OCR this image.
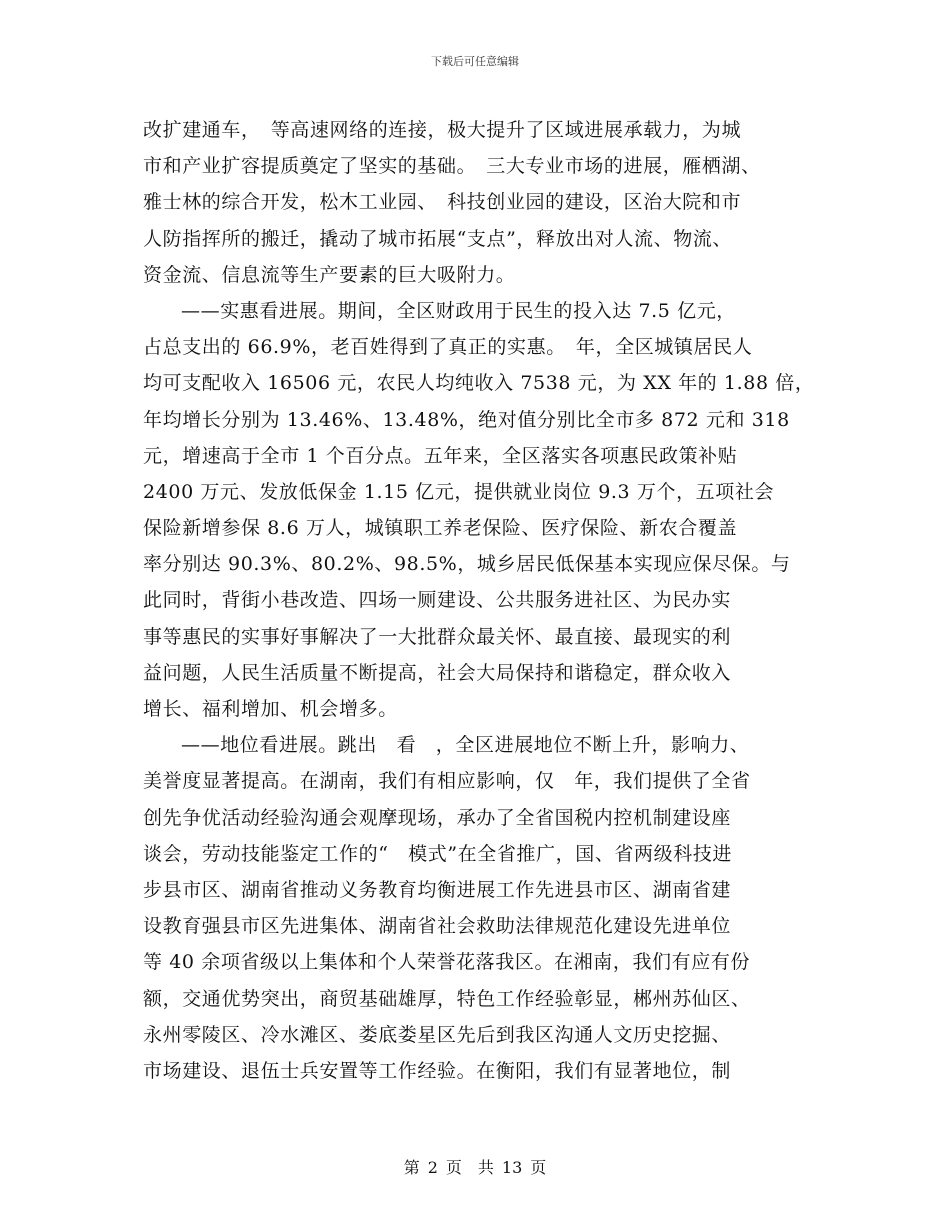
下载后可任意编辑
改扩建通车，　等高速网络的连接，极大提升了区域进展承载力，为城
市和产业扩容提质奠定了坚实的基础。　三大专业市场的进展，雁栖湖、
雅士林的综合开发，松木工业园、　科技创业园的建设，区治大院和市
人防指挥所的搬迁，撬动了城市拓展“支点”，释放出对人流、物流、
资金流、信息流等生产要素的巨大吸附力。
——实惠看进展。期间，全区财政用于民生的投入达 7.5 亿元，
占总支出的 66.9%，老百姓得到了真正的实惠。　年，全区城镇居民人
均可支配收入 16506 元，农民人均纯收入 7538 元，为 XX 年的 1.88 倍，
年均增长分别为 13.46%、13.48%，绝对值分别比全市多 872 元和 318
元，增速高于全市 1 个百分点。五年来，全区落实各项惠民政策补贴
2400 万元、发放低保金 1.15 亿元，提供就业岗位 9.3 万个，五项社会
保险新增参保 8.6 万人，城镇职工养老保险、医疗保险、新农合覆盖
率分别达 90.3%、80.2%、98.5%，城乡居民低保基本实现应保尽保。与
此同时，背街小巷改造、四场一厕建设、公共服务进社区、为民办实
事等惠民的实事好事解决了一大批群众最关怀、最直接、最现实的利
益问题，人民生活质量不断提高，社会大局保持和谐稳定，群众收入
增长、福利增加、机会增多。
——地位看进展。跳出　看　，全区进展地位不断上升，影响力、
美誉度显著提高。在湖南，我们有相应影响，仅　年，我们提供了全省
创先争优活动经验沟通会观摩现场，承办了全省国税内控机制建设座
谈会，劳动技能鉴定工作的“　模式”在全省推广，国、省两级科技进
步县市区、湖南省推动义务教育均衡进展工作先进县市区、湖南省建
设教育强县市区先进集体、湖南省社会救助法律规范化建设先进单位
等 40 余项省级以上集体和个人荣誉花落我区。在湘南，我们有应有份
额，交通优势突出，商贸基础雄厚，特色工作经验彰显，郴州苏仙区、
永州零陵区、冷水滩区、娄底娄星区先后到我区沟通人文历史挖掘、
市场建设、退伍士兵安置等工作经验。在衡阳，我们有显著地位，制
第 2 页　共 13 页
